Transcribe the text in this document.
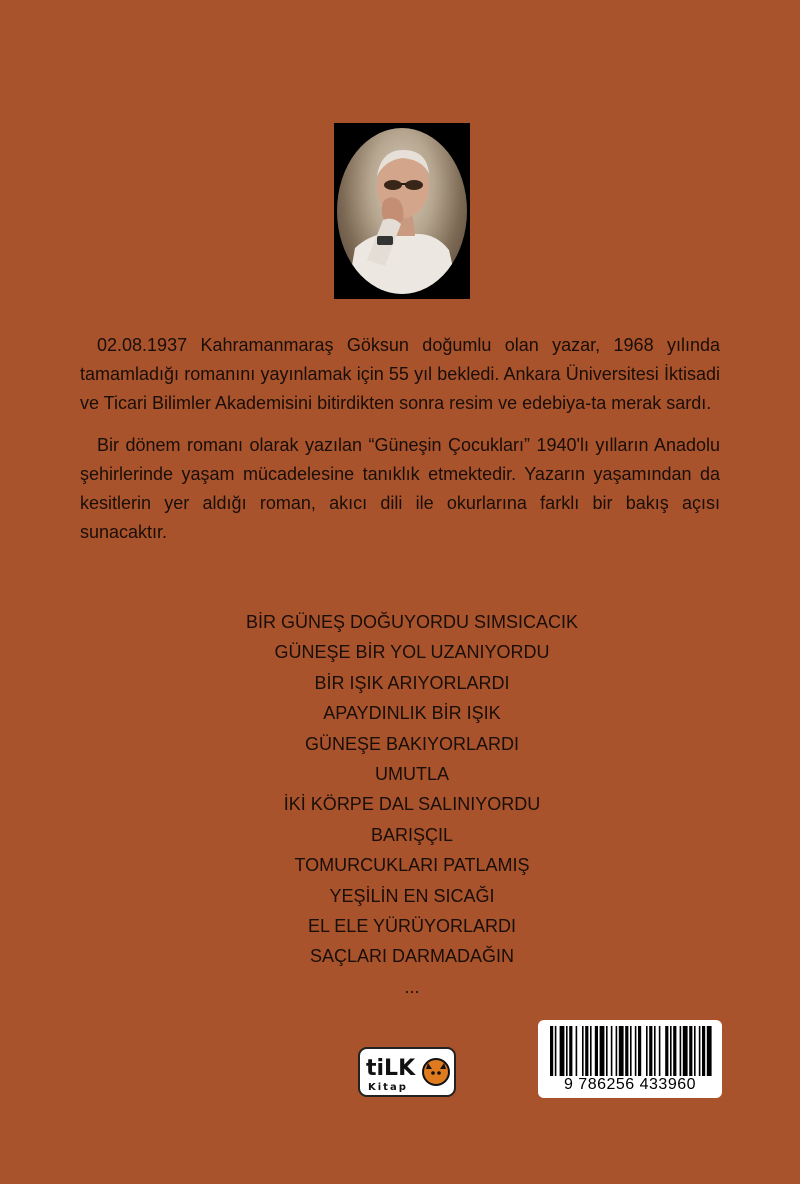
02.08.1937 Kahramanmaraş Göksun doğumlu olan yazar, 1968 yılında tamamladığı romanını yayınlamak için 55 yıl bekledi. Ankara Üniversitesi İktisadi ve Ticari Bilimler Akademisini bitirdikten sonra resim ve edebiya-ta merak sardı.

Bir dönem romanı olarak yazılan “Güneşin Çocukları” 1940'lı yılların Anadolu şehirlerinde yaşam mücadelesine tanıklık etmektedir. Yazarın yaşamından da kesitlerin yer aldığı roman, akıcı dili ile okurlarına farklı bir bakış açısı sunacaktır.

BİR GÜNEŞ DOĞUYORDU SIMSICACIK
GÜNEŞE BİR YOL UZANIYORDU
BİR IŞIK ARIYORLARDI
APAYDINLIK BİR IŞIK
GÜNEŞE BAKIYORLARDI
UMUTLA
İKİ KÖRPE DAL SALINIYORDU
BARIŞÇIL
TOMURCUKLARI PATLAMIŞ
YEŞİLİN EN SICAĞI
EL ELE YÜRÜYORLARDI
SAÇLARI DARMADAĞIN
...
tiLK
Kitap	9 786256 433960
